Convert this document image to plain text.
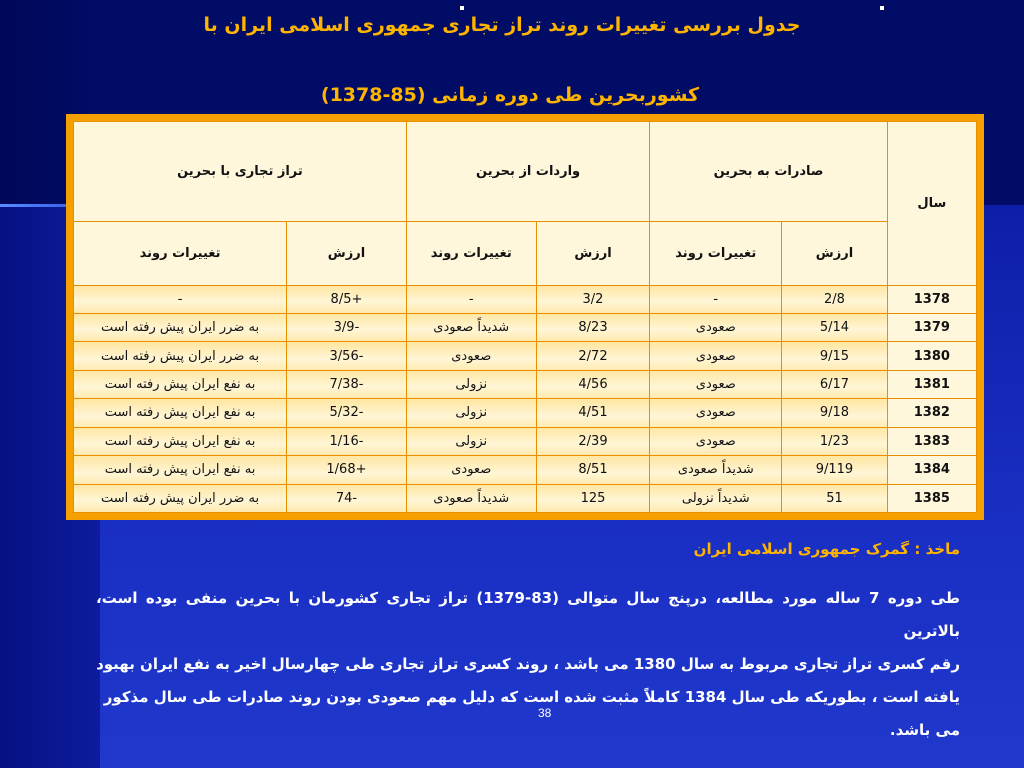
جدول بررسی تغییرات روند تراز تجاری جمهوری اسلامی ایران با
کشوربحرین طی دوره زمانی (85-1378)
سال	صادرات به بحرین		واردات از بحرین		تراز تجاری با بحرین	
	ارزش	تغییرات روند	ارزش	تغییرات روند	ارزش	تغییرات روند
1378	2/8	-	3/2	-	+8/5	-
1379	5/14	صعودی	8/23	شدیداً صعودی	-3/9	به ضرر ایران پیش رفته است
1380	9/15	صعودی	2/72	صعودی	-3/56	به ضرر ایران پیش رفته است
1381	6/17	صعودی	4/56	نزولی	-7/38	به نفع ایران پیش رفته است
1382	9/18	صعودی	4/51	نزولی	-5/32	به نفع ایران پیش رفته است
1383	1/23	صعودی	2/39	نزولی	-1/16	به نفع ایران پیش رفته است
1384	9/119	شدیداً صعودی	8/51	صعودی	+1/68	به نفع ایران پیش رفته است
1385	51	شدیداً نزولی	125	شدیداً صعودی	-74	به ضرر ایران پیش رفته است
ماخذ : گمرک جمهوری اسلامی ایران
طی دوره 7 ساله مورد مطالعه، درپنج سال متوالی (83-1379) تراز تجاری کشورمان با بحرین منفی بوده است، بالاترین
رقم کسری تراز تجاری مربوط به سال 1380 می باشد ، روند کسری تراز تجاری طی چهارسال اخیر به نفع ایران بهبود
یافته است ، بطوریکه طی سال 1384 کاملاً مثبت شده است که دلیل مهم صعودی بودن روند صادرات طی سال مذکور
می باشد.
38
